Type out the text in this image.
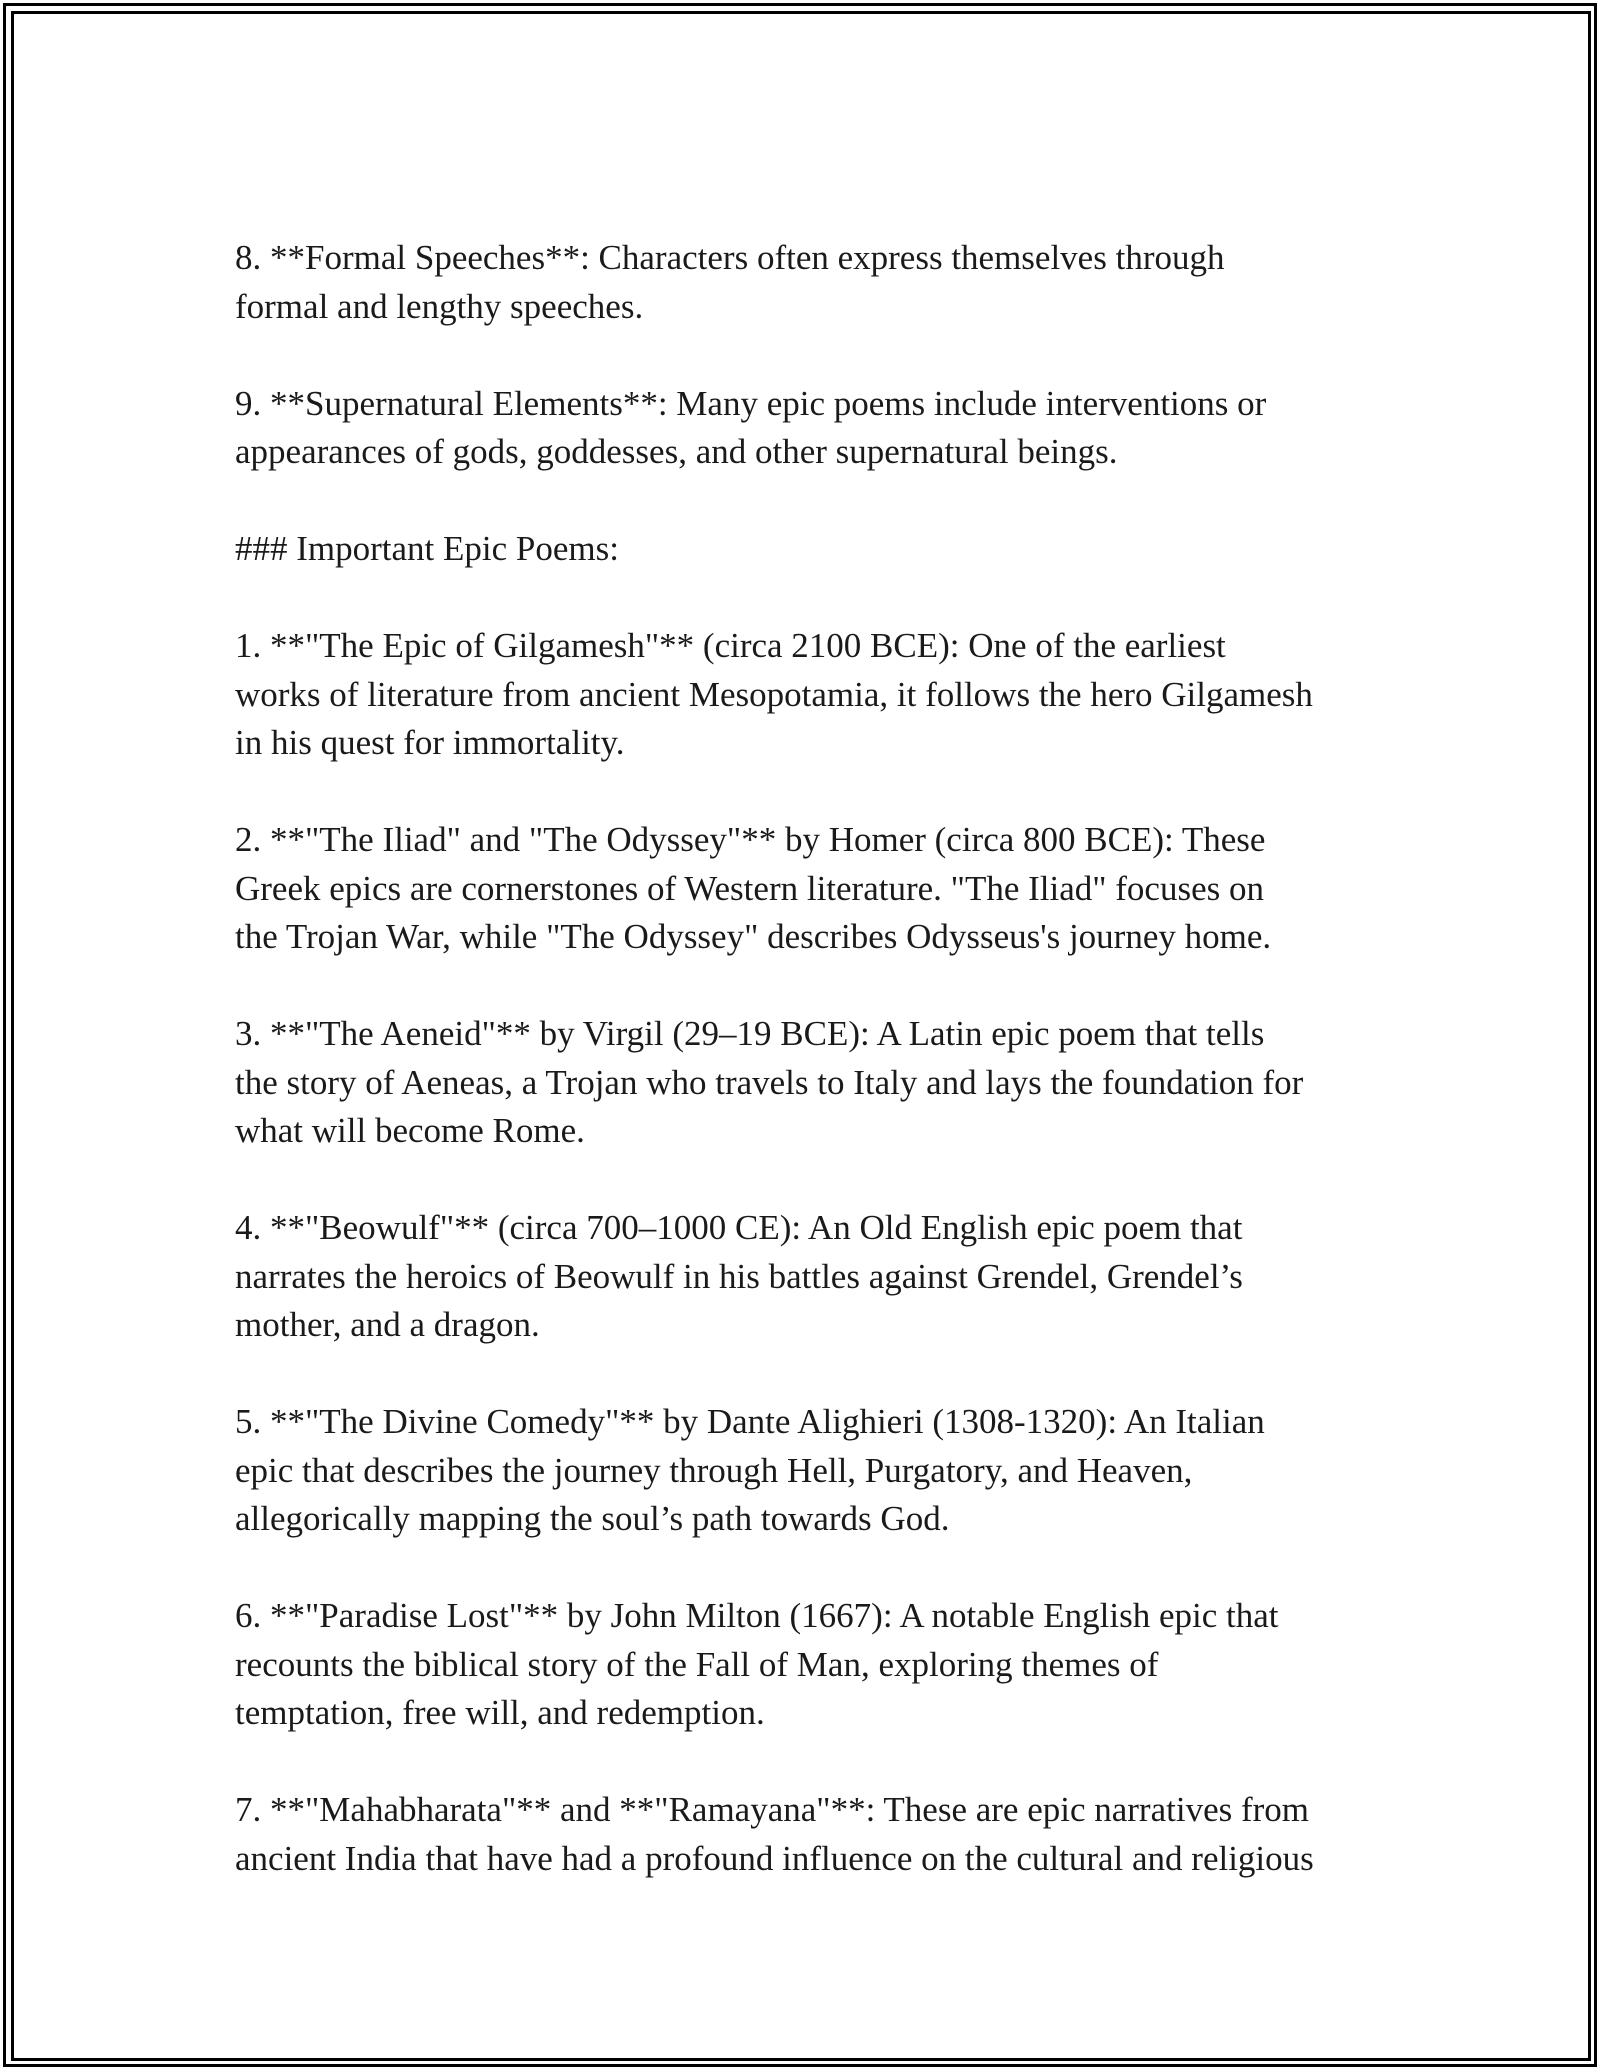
8. **Formal Speeches**: Characters often express themselves through
formal and lengthy speeches.

9. **Supernatural Elements**: Many epic poems include interventions or
appearances of gods, goddesses, and other supernatural beings.

### Important Epic Poems:

1. **"The Epic of Gilgamesh"** (circa 2100 BCE): One of the earliest
works of literature from ancient Mesopotamia, it follows the hero Gilgamesh
in his quest for immortality.

2. **"The Iliad" and "The Odyssey"** by Homer (circa 800 BCE): These
Greek epics are cornerstones of Western literature. "The Iliad" focuses on
the Trojan War, while "The Odyssey" describes Odysseus's journey home.

3. **"The Aeneid"** by Virgil (29–19 BCE): A Latin epic poem that tells
the story of Aeneas, a Trojan who travels to Italy and lays the foundation for
what will become Rome.

4. **"Beowulf"** (circa 700–1000 CE): An Old English epic poem that
narrates the heroics of Beowulf in his battles against Grendel, Grendel’s
mother, and a dragon.

5. **"The Divine Comedy"** by Dante Alighieri (1308-1320): An Italian
epic that describes the journey through Hell, Purgatory, and Heaven,
allegorically mapping the soul’s path towards God.

6. **"Paradise Lost"** by John Milton (1667): A notable English epic that
recounts the biblical story of the Fall of Man, exploring themes of
temptation, free will, and redemption.

7. **"Mahabharata"** and **"Ramayana"**: These are epic narratives from
ancient India that have had a profound influence on the cultural and religious
